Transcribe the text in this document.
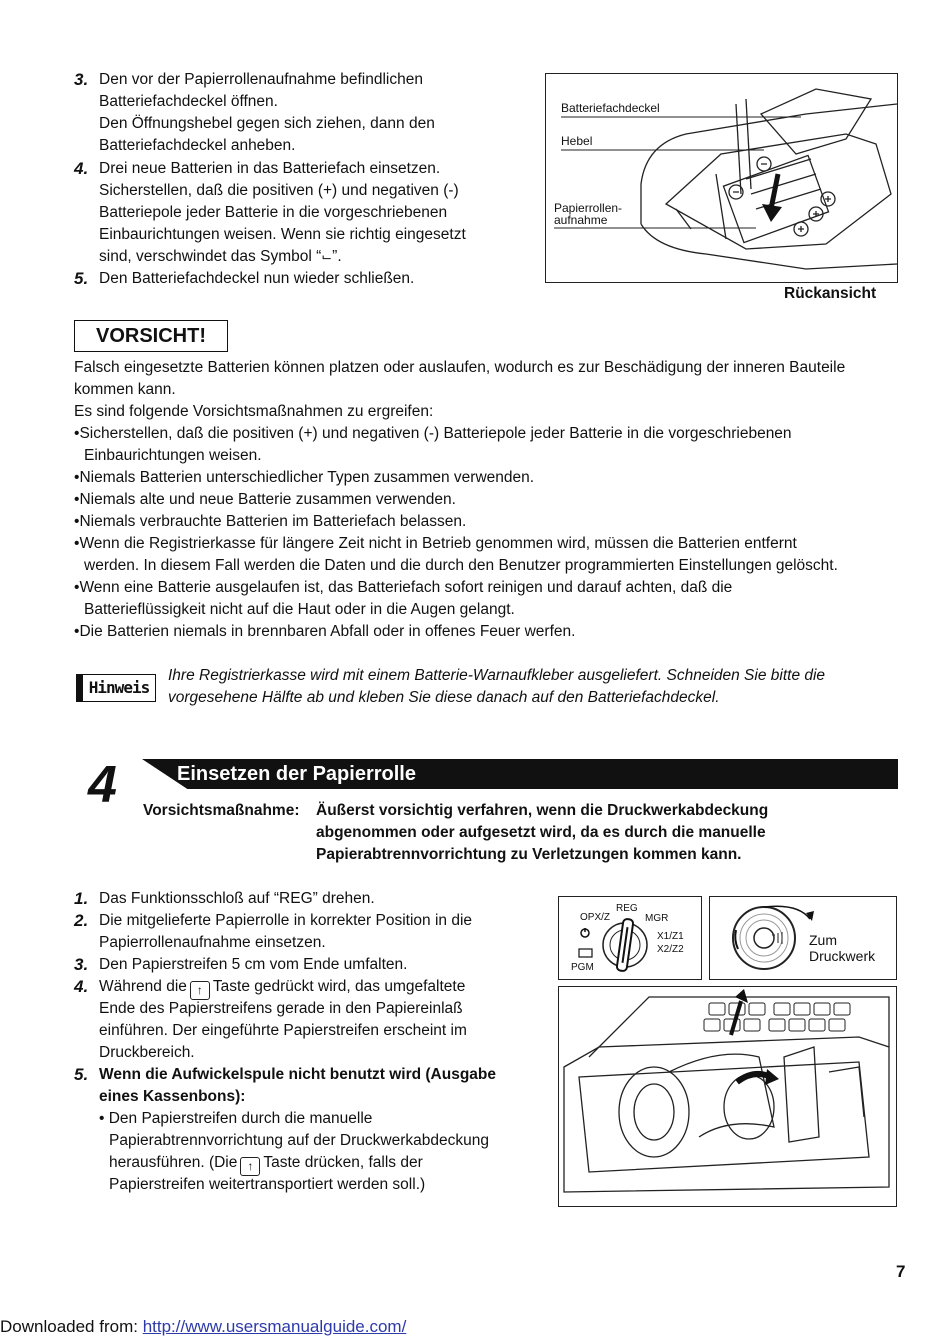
3. Den vor der Papierrollenaufnahme befindlichen
Batteriefachdeckel öffnen.
Den Öffnungshebel gegen sich ziehen, dann den
Batteriefachdeckel anheben.
4. Drei neue Batterien in das Batteriefach einsetzen.
Sicherstellen, daß die positiven (+) und negativen (-)
Batteriepole jeder Batterie in die vorgeschriebenen
Einbaurichtungen weisen. Wenn sie richtig eingesetzt
sind, verschwindet das Symbol “⌙”.
5. Den Batteriefachdeckel nun wieder schließen.
Batteriefachdeckel
Hebel
Papierrollen-
aufnahme
Rückansicht
VORSICHT!
Falsch eingesetzte Batterien können platzen oder auslaufen, wodurch es zur Beschädigung der inneren Bauteile
kommen kann.
Es sind folgende Vorsichtsmaßnahmen zu ergreifen:
•Sicherstellen, daß die positiven (+) und negativen (-) Batteriepole jeder Batterie in die vorgeschriebenen
Einbaurichtungen weisen.
•Niemals Batterien unterschiedlicher Typen zusammen verwenden.
•Niemals alte und neue Batterie zusammen verwenden.
•Niemals verbrauchte Batterien im Batteriefach belassen.
•Wenn die Registrierkasse für längere Zeit nicht in Betrieb genommen wird, müssen die Batterien entfernt
werden. In diesem Fall werden die Daten und die durch den Benutzer programmierten Einstellungen gelöscht.
•Wenn eine Batterie ausgelaufen ist, das Batteriefach sofort reinigen und darauf achten, daß die
Batterieflüssigkeit nicht auf die Haut oder in die Augen gelangt.
•Die Batterien niemals in brennbaren Abfall oder in offenes Feuer werfen.
Hinweis
Ihre Registrierkasse wird mit einem Batterie-Warnaufkleber ausgeliefert. Schneiden Sie bitte die
vorgesehene Hälfte ab und kleben Sie diese danach auf den Batteriefachdeckel.
4	Einsetzen der Papierrolle
Vorsichtsmaßnahme: Äußerst vorsichtig verfahren, wenn die Druckwerkabdeckung
abgenommen oder aufgesetzt wird, da es durch die manuelle
Papierabtrennvorrichtung zu Verletzungen kommen kann.
1. Das Funktionsschloß auf “REG” drehen.
2. Die mitgelieferte Papierrolle in korrekter Position in die
Papierrollenaufnahme einsetzen.
3. Den Papierstreifen 5 cm vom Ende umfalten.
4. Während die ↑ Taste gedrückt wird, das umgefaltete
Ende des Papierstreifens gerade in den Papiereinlaß
einführen. Der eingeführte Papierstreifen erscheint im
Druckbereich.
5. Wenn die Aufwickelspule nicht benutzt wird (Ausgabe
eines Kassenbons):
• Den Papierstreifen durch die manuelle
Papierabtrennvorrichtung auf der Druckwerkabdeckung
herausführen. (Die ↑ Taste drücken, falls der
Papierstreifen weitertransportiert werden soll.)
REG
OPX/Z	MGR
X1/Z1
X2/Z2
PGM
Zum
Druckwerk
7
Downloaded from: http://www.usersmanualguide.com/
